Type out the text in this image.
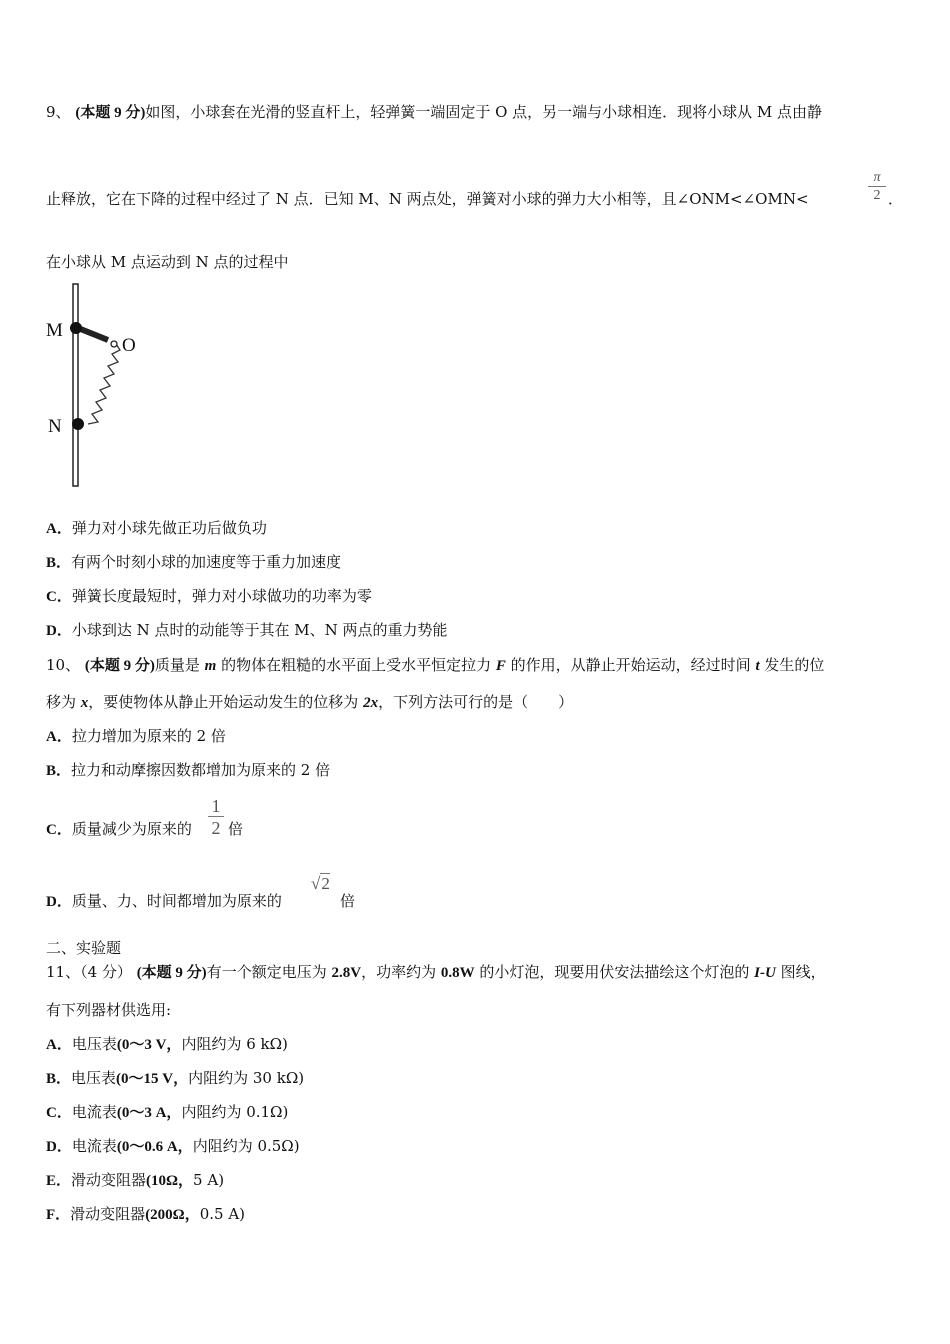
9、 (本题 9 分)如图，小球套在光滑的竖直杆上，轻弹簧一端固定于 O 点，另一端与小球相连．现将小球从 M 点由静
止释放，它在下降的过程中经过了 N 点．已知 M、N 两点处，弹簧对小球的弹力大小相等，且∠ONM<∠OMN<
π
2 ．
在小球从 M 点运动到 N 点的过程中
M
O
N
A．弹力对小球先做正功后做负功
B．有两个时刻小球的加速度等于重力加速度
C．弹簧长度最短时，弹力对小球做功的功率为零
D．小球到达 N 点时的动能等于其在 M、N 两点的重力势能
10、 (本题 9 分)质量是 m 的物体在粗糙的水平面上受水平恒定拉力 F 的作用，从静止开始运动，经过时间 t 发生的位
移为 x，要使物体从静止开始运动发生的位移为 2x，下列方法可行的是（　　）
A．拉力增加为原来的 2 倍
B．拉力和动摩擦因数都增加为原来的 2 倍
C．质量减少为原来的
1
2 倍
D．质量、力、时间都增加为原来的
√2
倍
二、实验题
11、（4 分） (本题 9 分)有一个额定电压为 2.8V，功率约为 0.8W 的小灯泡，现要用伏安法描绘这个灯泡的 I-U 图线，
有下列器材供选用:
A．电压表(0～3 V，内阻约为 6 kΩ)
B．电压表(0～15 V，内阻约为 30 kΩ)
C．电流表(0～3 A，内阻约为 0.1Ω)
D．电流表(0～0.6 A，内阻约为 0.5Ω)
E．滑动变阻器(10Ω，5 A)
F．滑动变阻器(200Ω，0.5 A)
